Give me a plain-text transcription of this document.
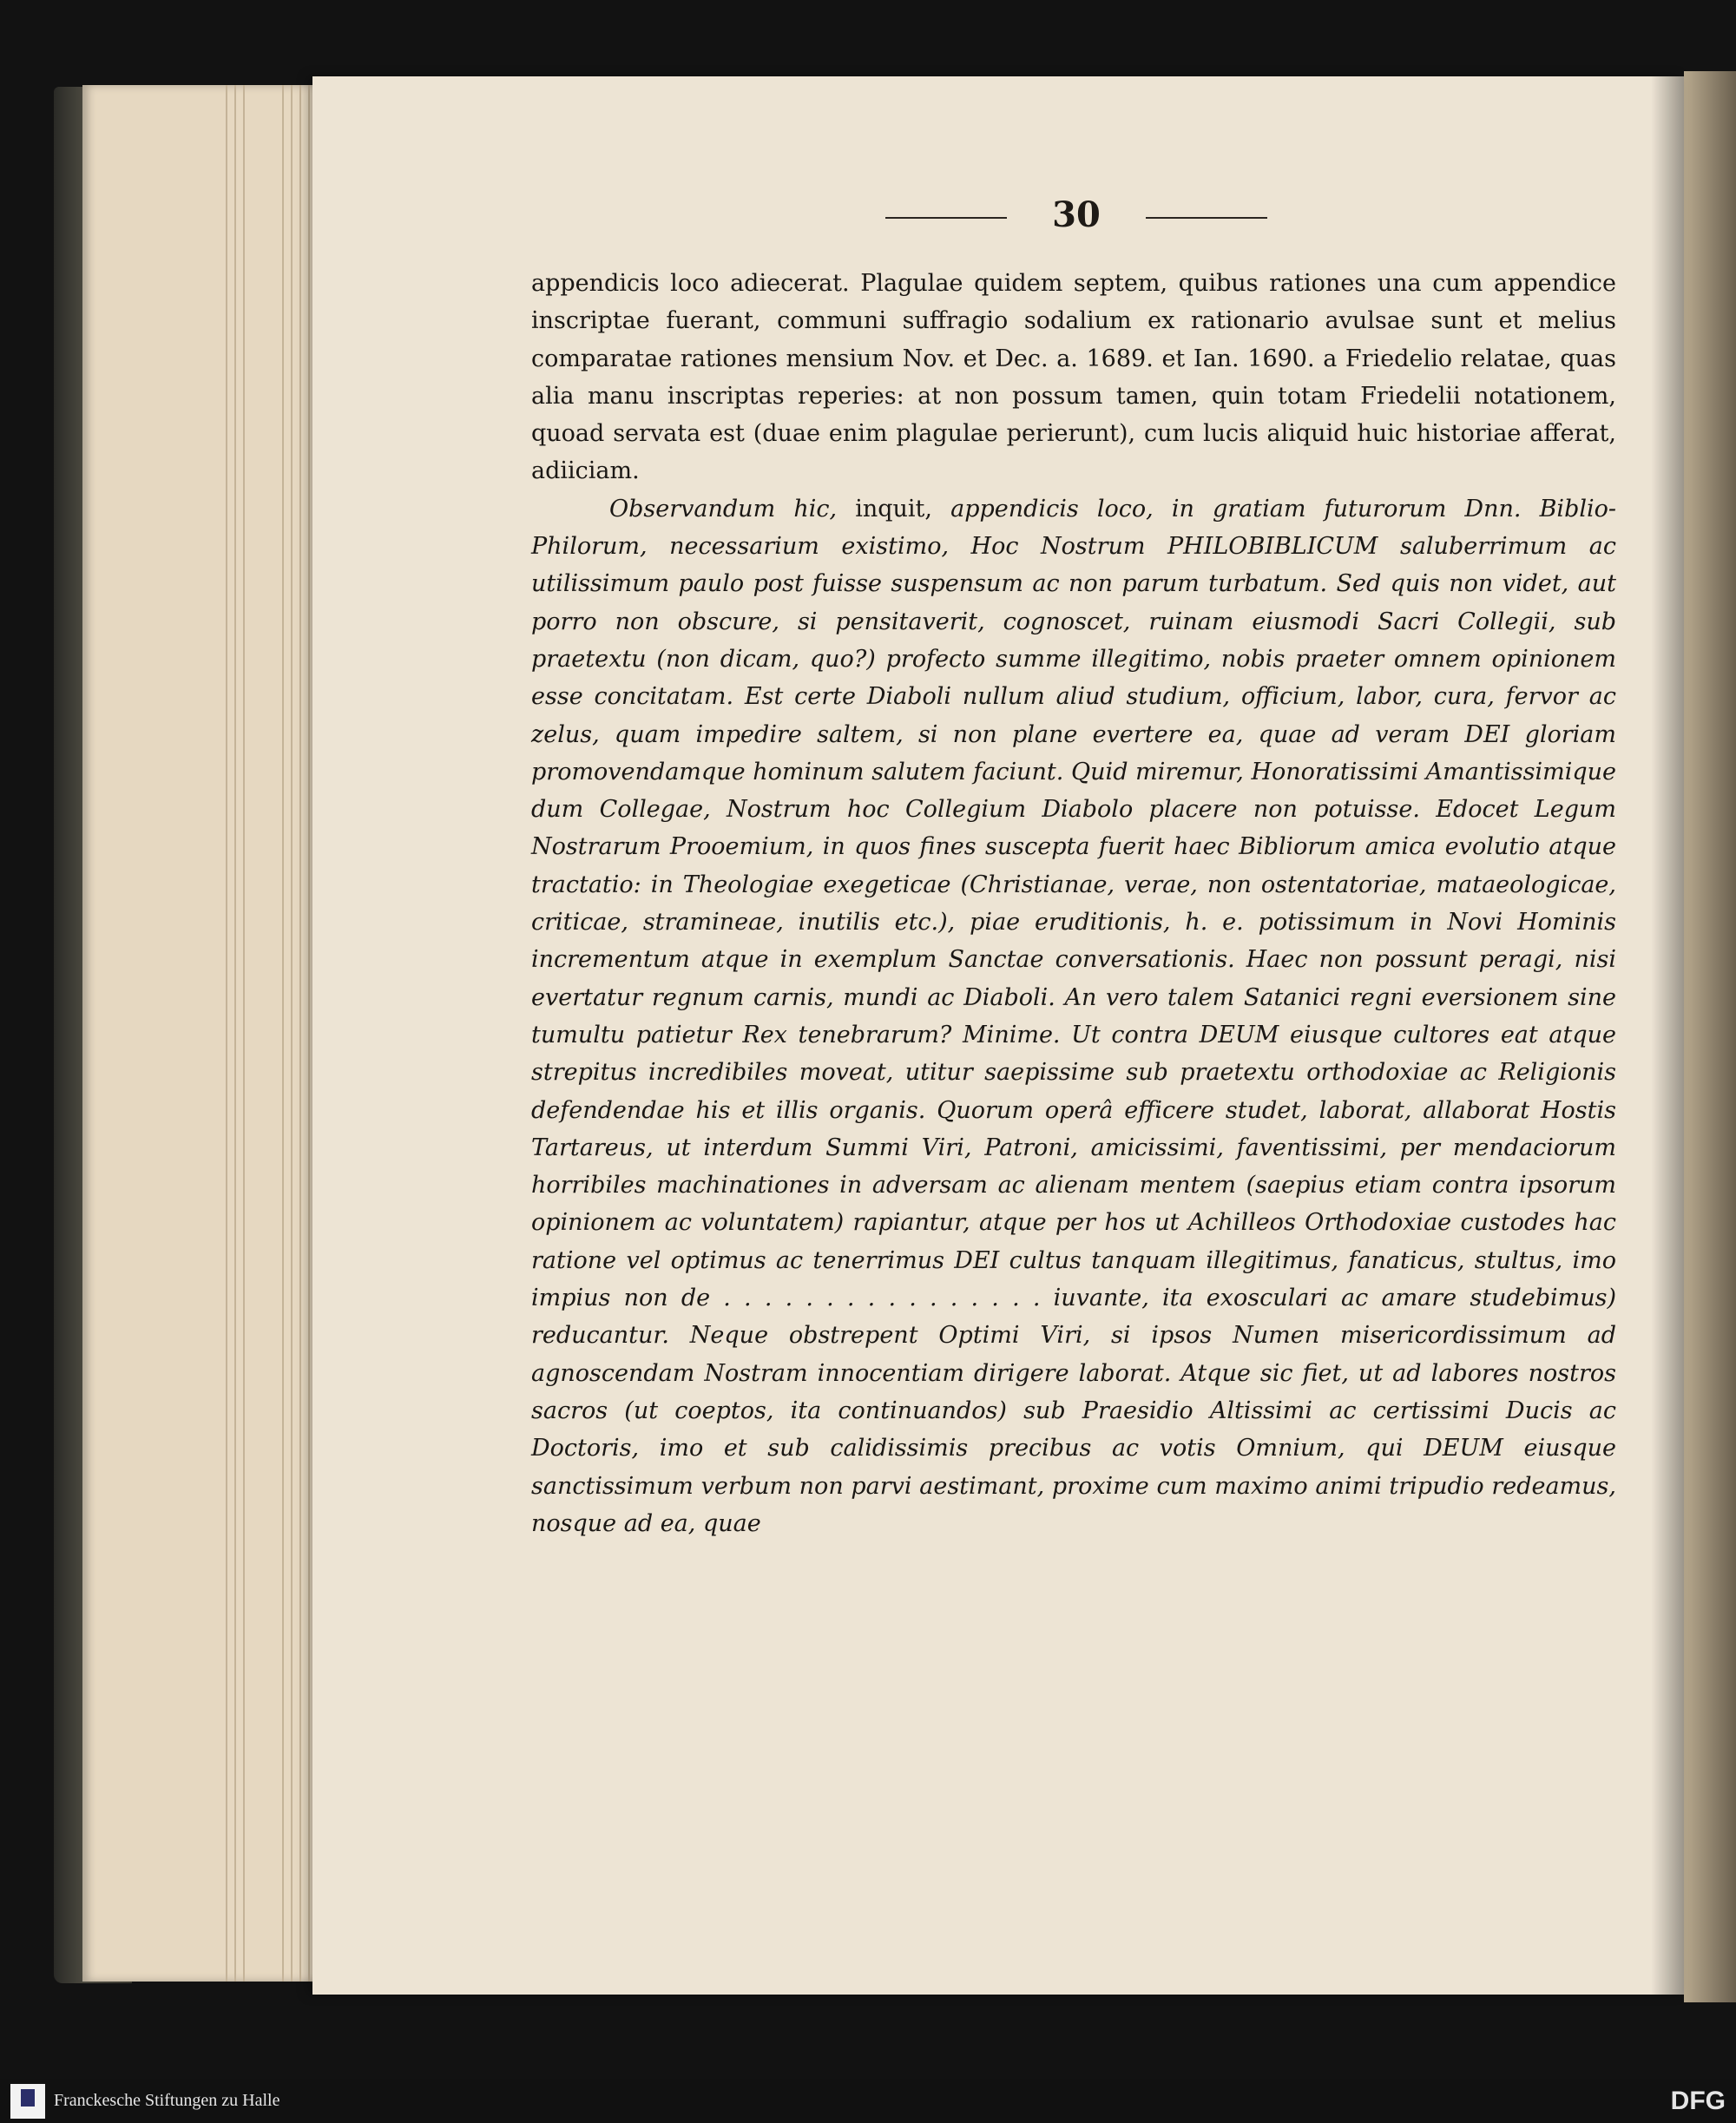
30

appendicis loco adiecerat. Plagulae quidem septem, quibus rationes una cum appendice inscriptae fuerant, communi suffragio sodalium ex rationario avulsae sunt et melius comparatae rationes mensium Nov. et Dec. a. 1689. et Ian. 1690. a Friedelio relatae, quas alia manu inscriptas reperies: at non possum tamen, quin totam Friedelii notationem, quoad servata est (duae enim plagulae perierunt), cum lucis aliquid huic historiae afferat, adiiciam.

Observandum hic, inquit, appendicis loco, in gratiam futurorum Dnn. Biblio-Philorum, necessarium existimo, Hoc Nostrum PHILOBIBLICUM saluberrimum ac utilissimum paulo post fuisse suspensum ac non parum turbatum. Sed quis non videt, aut porro non obscure, si pensitaverit, cognoscet, ruinam eiusmodi Sacri Collegii, sub praetextu (non dicam, quo?) profecto summe illegitimo, nobis praeter omnem opinionem esse concitatam. Est certe Diaboli nullum aliud studium, officium, labor, cura, fervor ac zelus, quam impedire saltem, si non plane evertere ea, quae ad veram DEI gloriam promovendamque hominum salutem faciunt. Quid miremur, Honoratissimi Amantissimique dum Collegae, Nostrum hoc Collegium Diabolo placere non potuisse. Edocet Legum Nostrarum Prooemium, in quos fines suscepta fuerit haec Bibliorum amica evolutio atque tractatio: in Theologiae exegeticae (Christianae, verae, non ostentatoriae, mataeologicae, criticae, stramineae, inutilis etc.), piae eruditionis, h. e. potissimum in Novi Hominis incrementum atque in exemplum Sanctae conversationis. Haec non possunt peragi, nisi evertatur regnum carnis, mundi ac Diaboli. An vero talem Satanici regni eversionem sine tumultu patietur Rex tenebrarum? Minime. Ut contra DEUM eiusque cultores eat atque strepitus incredibiles moveat, utitur saepissime sub praetextu orthodoxiae ac Religionis defendendae his et illis organis. Quorum operâ efficere studet, laborat, allaborat Hostis Tartareus, ut interdum Summi Viri, Patroni, amicissimi, faventissimi, per mendaciorum horribiles machinationes in adversam ac alienam mentem (saepius etiam contra ipsorum opinionem ac voluntatem) rapiantur, atque per hos ut Achilleos Orthodoxiae custodes hac ratione vel optimus ac tenerrimus DEI cultus tanquam illegitimus, fanaticus, stultus, imo impius non de . . . . . . . . . . . . . . . . iuvante, ita exosculari ac amare studebimus) reducantur. Neque obstrepent Optimi Viri, si ipsos Numen misericordissimum ad agnoscendam Nostram innocentiam dirigere laborat. Atque sic fiet, ut ad labores nostros sacros (ut coeptos, ita continuandos) sub Praesidio Altissimi ac certissimi Ducis ac Doctoris, imo et sub calidissimis precibus ac votis Omnium, qui DEUM eiusque sanctissimum verbum non parvi aestimant, proxime cum maximo animi tripudio redeamus, nosque ad ea, quae

Franckesche Stiftungen zu Halle	DFG
